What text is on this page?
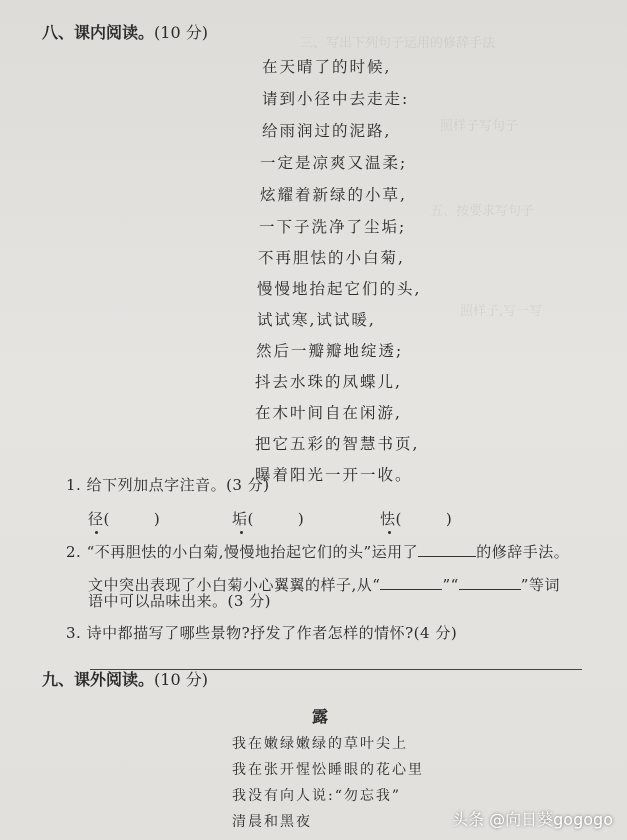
三、写出下列句子运用的修辞手法
照样子写句子
五、按要求写句子
照样子,写一写
八、课内阅读。(10 分)
在天晴了的时候,
请到小径中去走走:
给雨润过的泥路,
一定是凉爽又温柔;
炫耀着新绿的小草,
一下子洗净了尘垢;
不再胆怯的小白菊,
慢慢地抬起它们的头,
试试寒,试试暖,
然后一瓣瓣地绽透;
抖去水珠的凤蝶儿,
在木叶间自在闲游,
把它五彩的智慧书页,
曝着阳光一开一收。
1. 给下列加点字注音。(3 分)
径(	)	垢(	)	怯(	)
2. “不再胆怯的小白菊,慢慢地抬起它们的头”运用了	的修辞手法。
文中突出表现了小白菊小心翼翼的样子,从“	”“	”等词
语中可以品味出来。(3 分)
3. 诗中都描写了哪些景物?抒发了作者怎样的情怀?(4 分)
九、课外阅读。(10 分)
露
我在嫩绿嫩绿的草叶尖上
我在张开惺忪睡眼的花心里
我没有向人说:“勿忘我”
清晨和黑夜	头条 @向日葵gogogo
